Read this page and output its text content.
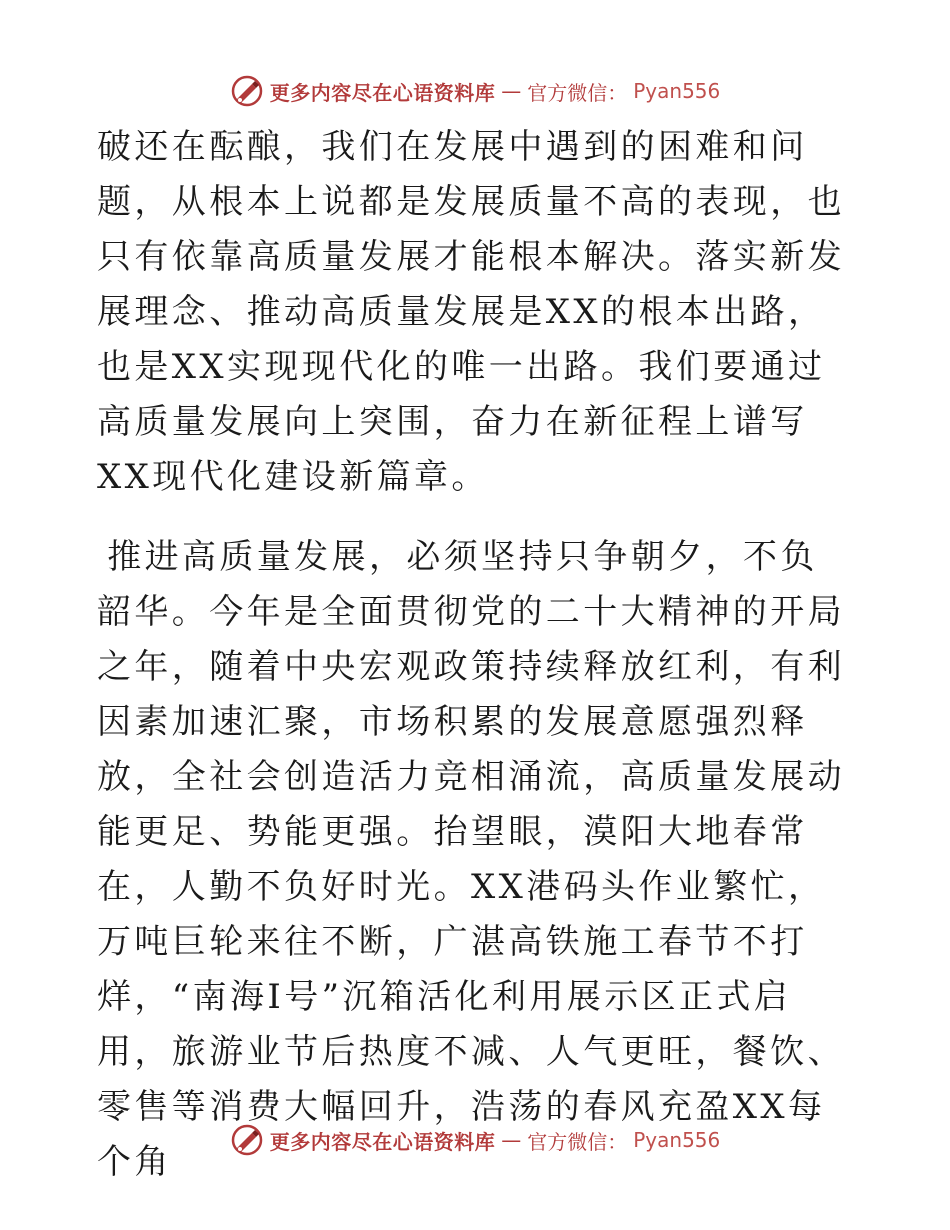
更多内容尽在心语资料库 — 官方微信： Pyan556

破还在酝酿，我们在发展中遇到的困难和问题，从根本上说都是发展质量不高的表现，也只有依靠高质量发展才能根本解决。落实新发展理念、推动高质量发展是XX的根本出路，也是XX实现现代化的唯一出路。我们要通过高质量发展向上突围，奋力在新征程上谱写XX现代化建设新篇章。

推进高质量发展，必须坚持只争朝夕，不负韶华。今年是全面贯彻党的二十大精神的开局之年，随着中央宏观政策持续释放红利，有利因素加速汇聚，市场积累的发展意愿强烈释放，全社会创造活力竞相涌流，高质量发展动能更足、势能更强。抬望眼，漠阳大地春常在，人勤不负好时光。XX港码头作业繁忙，万吨巨轮来往不断，广湛高铁施工春节不打烊，“南海Ⅰ号”沉箱活化利用展示区正式启用，旅游业节后热度不减、人气更旺，餐饮、零售等消费大幅回升，浩荡的春风充盈XX每个角

更多内容尽在心语资料库 — 官方微信： Pyan556
